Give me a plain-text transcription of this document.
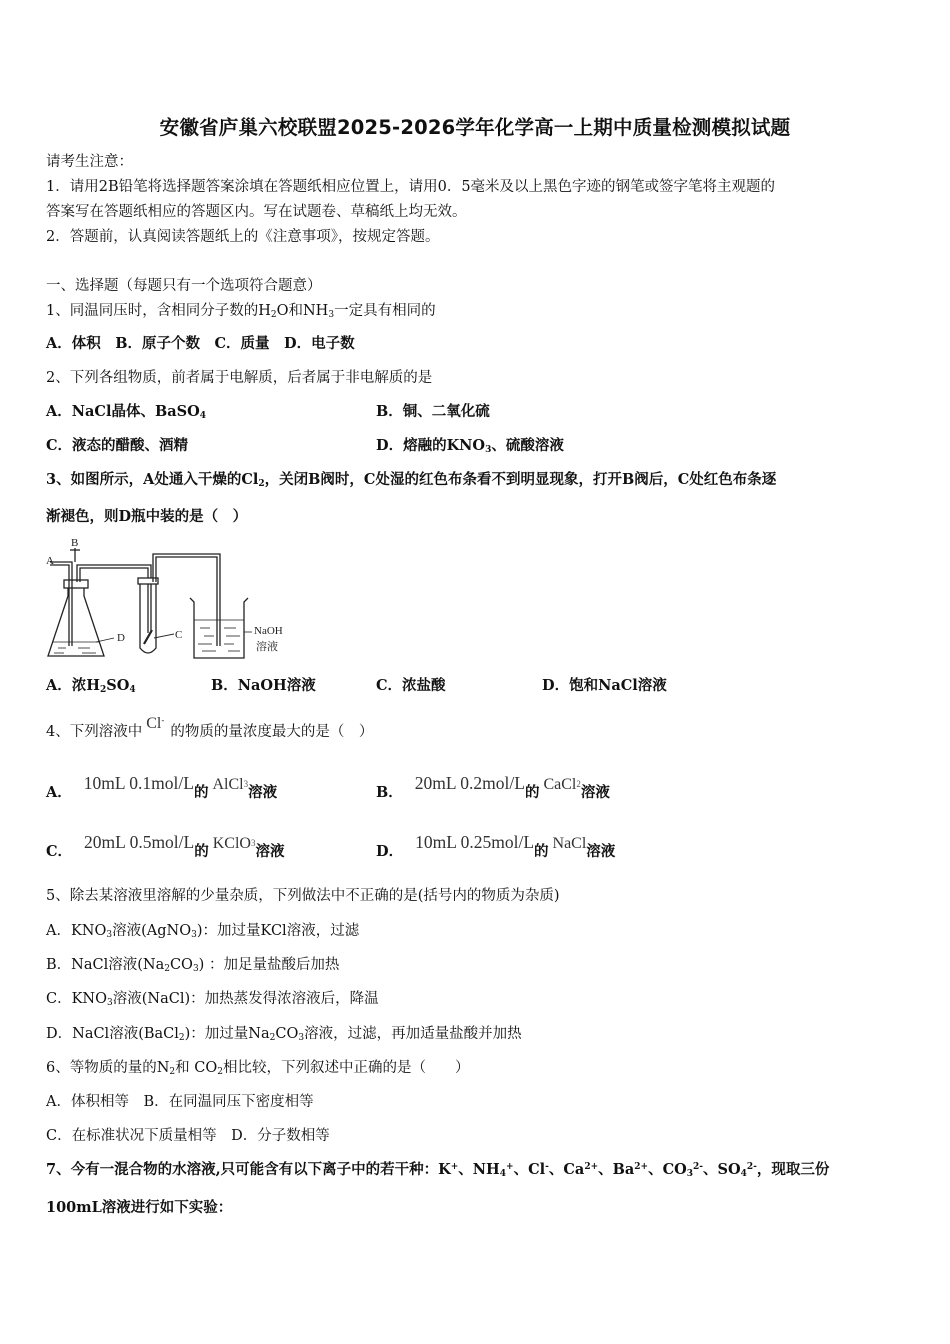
安徽省庐巢六校联盟2025-2026学年化学高一上期中质量检测模拟试题
请考生注意：
1．请用2B铅笔将选择题答案涂填在答题纸相应位置上，请用0．5毫米及以上黑色字迹的钢笔或签字笔将主观题的
答案写在答题纸相应的答题区内。写在试题卷、草稿纸上均无效。
2．答题前，认真阅读答题纸上的《注意事项》，按规定答题。
一、选择题（每题只有一个选项符合题意）
1、同温同压时，含相同分子数的$H_2O$和$NH_3$一定具有相同的
A．体积　B．原子个数　C．质量　D．电子数
2、下列各组物质，前者属于电解质，后者属于非电解质的是
A．NaCl晶体、BaSO$_4$	B．铜、二氧化硫
C．液态的醋酸、酒精	D．熔融的$KNO_3$、硫酸溶液
3、如图所示，A处通入干燥的$Cl_2$，关闭B阀时，C处湿的红色布条看不到明显现象，打开B阀后，C处红色布条逐
渐褪色，则D瓶中装的是（　）
A
B
D	C	NaOH
溶液
A．浓$H_2SO_4$	B．NaOH溶液	C．浓盐酸	D．饱和NaCl溶液
4、下列溶液中 Cl-的物质的量浓度最大的是（　）
A． 10mL 0.1mol/L的 AlCl3溶液	B． 20mL 0.2mol/L的 CaCl2溶液
C． 20mL 0.5mol/L的 KClO3溶液	D． 10mL 0.25mol/L的 NaCl溶液
5、除去某溶液里溶解的少量杂质，下列做法中不正确的是(括号内的物质为杂质)
A．$KNO_3$溶液(AgNO$_3$)：加过量KCl溶液，过滤
B．NaCl溶液$(Na_2CO_3)$ ：加足量盐酸后加热
C．$KNO_3$溶液(NaCl)：加热蒸发得浓溶液后，降温
D．NaCl溶液(BaCl$_2$)：加过量$Na_2CO_3$溶液，过滤，再加适量盐酸并加热
6、等物质的量的$N_2$和 $CO_2$相比较，下列叙述中正确的是（　　）
A．体积相等　B．在同温同压下密度相等
C．在标准状况下质量相等　D．分子数相等
7、今有一混合物的水溶液,只可能含有以下离子中的若干种：K+、$NH_4^+$、Cl-、$Ca^{2+}$、$Ba^{2+}$、$CO_3^{2-}$、$SO_4^{2-}$，现取三份
100mL溶液进行如下实验：
